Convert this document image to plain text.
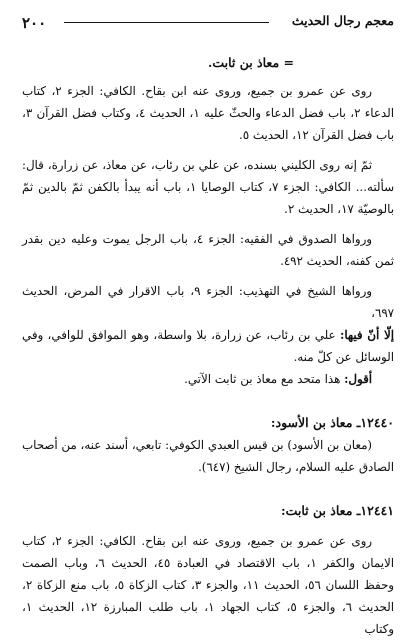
معجم رجال الحديث
٢٠٠

= معاذ بن ثابت.

روى عن عمرو بن جميع، وروى عنه ابن بقاح. الكافي: الجزء ٢، كتاب الدعاء ٢، باب فضل الدعاء والحثّ عليه ١، الحديث ٤، وكتاب فضل القرآن ٣، باب فضل القرآن ١٢، الحديث ٥.

ثمّ إنه روى الكليني بسنده، عن علي بن رئاب، عن معاذ، عن زرارة، قال: سألته... الكافي: الجزء ٧، كتاب الوصايا ١، باب أنه يبدأ بالكفن ثمّ بالدين ثمّ بالوصيّة ١٧، الحديث ٢.

ورواها الصدوق في الفقيه: الجزء ٤، باب الرجل يموت وعليه دين بقدر ثمن كفنه، الحديث ٤٩٢.

ورواها الشيخ في التهذيب: الجزء ٩، باب الاقرار في المرض، الحديث ٦٩٧،

إلّا أنّ فيها: علي بن رئاب، عن زرارة، بلا واسطة، وهو الموافق للوافي، وفي الوسائل عن كلّ منه.

أقول: هذا متحد مع معاذ بن ثابت الآتي.

١٢٤٤٠ـ معاذ بن الأسود:

(معان بن الأسود) بن قيس العبدي الكوفي: تابعي، أسند عنه، من أصحاب الصادق عليه السلام، رجال الشيخ (٦٤٧).

١٢٤٤١ـ معاذ بن ثابت:

روى عن عمرو بن جميع، وروى عنه ابن بقاح. الكافي: الجزء ٢، كتاب الايمان والكفر ١، باب الاقتصاد في العبادة ٤٥، الحديث ٦، وباب الصمت وحفظ اللسان ٥٦، الحديث ١١، والجزء ٣، كتاب الزكاة ٥، باب منع الزكاة ٢، الحديث ٦، والجزء ٥، كتاب الجهاد ١، باب طلب المبارزة ١٢، الحديث ١، وكتاب
